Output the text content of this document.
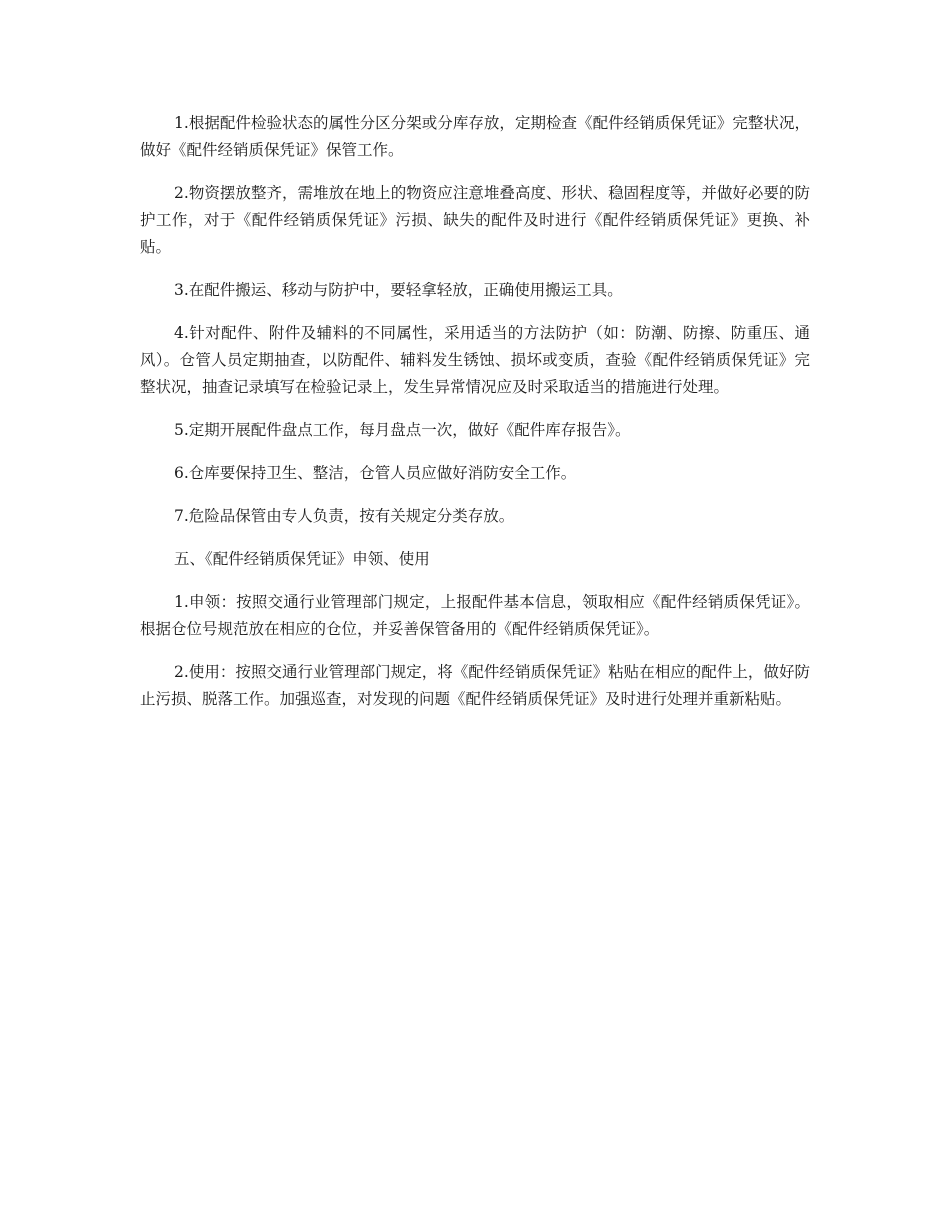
1.根据配件检验状态的属性分区分架或分库存放，定期检查《配件经销质保凭证》完整状况，做好《配件经销质保凭证》保管工作。

2.物资摆放整齐，需堆放在地上的物资应注意堆叠高度、形状、稳固程度等，并做好必要的防护工作，对于《配件经销质保凭证》污损、缺失的配件及时进行《配件经销质保凭证》更换、补贴。

3.在配件搬运、移动与防护中，要轻拿轻放，正确使用搬运工具。

4.针对配件、附件及辅料的不同属性，采用适当的方法防护（如：防潮、防擦、防重压、通风）。仓管人员定期抽查，以防配件、辅料发生锈蚀、损坏或变质，查验《配件经销质保凭证》完整状况，抽查记录填写在检验记录上，发生异常情况应及时采取适当的措施进行处理。

5.定期开展配件盘点工作，每月盘点一次，做好《配件库存报告》。

6.仓库要保持卫生、整洁，仓管人员应做好消防安全工作。

7.危险品保管由专人负责，按有关规定分类存放。

五、《配件经销质保凭证》申领、使用

1.申领：按照交通行业管理部门规定，上报配件基本信息，领取相应《配件经销质保凭证》。根据仓位号规范放在相应的仓位，并妥善保管备用的《配件经销质保凭证》。

2.使用：按照交通行业管理部门规定，将《配件经销质保凭证》粘贴在相应的配件上，做好防止污损、脱落工作。加强巡查，对发现的问题《配件经销质保凭证》及时进行处理并重新粘贴。
